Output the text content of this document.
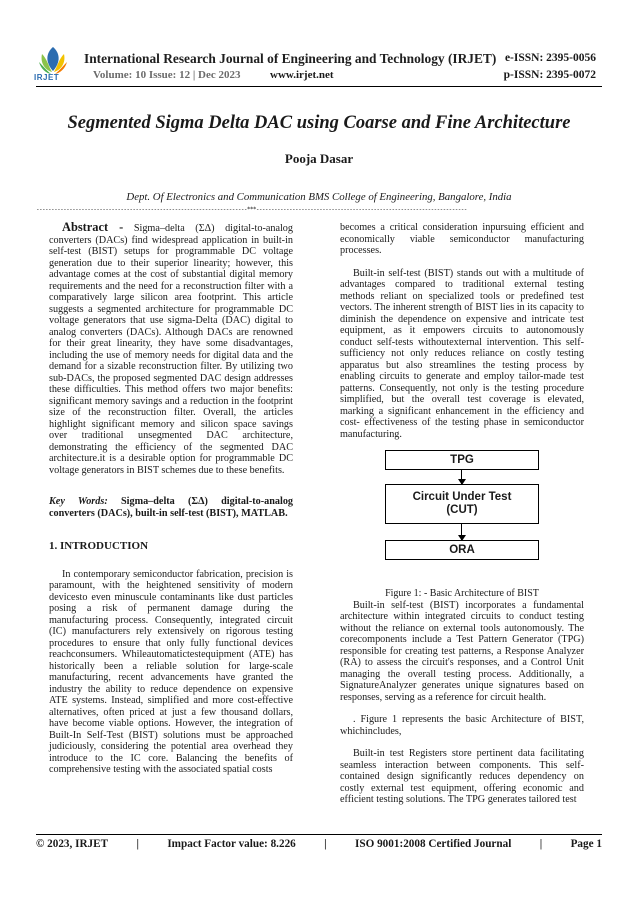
IRJET
International Research Journal of Engineering and Technology (IRJET) e-ISSN: 2395-0056
Volume: 10 Issue: 12 | Dec 2023	www.irjet.net	p-ISSN: 2395-0072
Segmented Sigma Delta DAC using Coarse and Fine Architecture
Pooja Dasar
Dept. Of Electronics and Communication BMS College of Engineering, Bangalore, India
----------------------------------------------------------------------***----------------------------------------------------------------------

Abstract - Sigma–delta (ΣΔ) digital-to-analog converters (DACs) find widespread application in built-in self-test (BIST) setups for programmable DC voltage generation due to their superior linearity; however, this advantage comes at the cost of substantial digital memory requirements and the need for a reconstruction filter with a comparatively large silicon area footprint. This article suggests a segmented architecture for programmable DC voltage generators that use sigma-Delta (DAC) digital to analog converters (DACs). Although DACs are renowned for their great linearity, they have some disadvantages, including the use of memory needs for digital data and the demand for a sizable reconstruction filter. By utilizing two sub-DACs, the proposed segmented DAC design addresses these difficulties. This method offers two major benefits: significant memory savings and a reduction in the footprint size of the reconstruction filter. Overall, the articles highlight significant memory and silicon space savings over traditional unsegmented DAC architecture, demonstrating the efficiency of the segmented DAC architecture.it is a desirable option for programmable DC voltage generators in BIST schemes due to these benefits.

Key Words: Sigma–delta (ΣΔ) digital-to-analog converters (DACs), built-in self-test (BIST), MATLAB.

1. INTRODUCTION

In contemporary semiconductor fabrication, precision is paramount, with the heightened sensitivity of modern devicesto even minuscule contaminants like dust particles posing a risk of permanent damage during the manufacturing process. Consequently, integrated circuit (IC) manufacturers rely extensively on rigorous testing procedures to ensure that only fully functional devices reachconsumers. Whileautomatictestequipment (ATE) has historically been a reliable solution for large-scale manufacturing, recent advancements have granted the industry the ability to reduce dependence on expensive ATE systems. Instead, simplified and more cost-effective alternatives, often priced at just a few thousand dollars, have become viable options. However, the integration of Built-In Self-Test (BIST) solutions must be approached judiciously, considering the potential area overhead they introduce to the IC core. Balancing the benefits of comprehensive testing with the associated spatial costs

becomes a critical consideration inpursuing efficient and economically viable semiconductor manufacturing processes.

Built-in self-test (BIST) stands out with a multitude of advantages compared to traditional external testing methods reliant on specialized tools or predefined test vectors. The inherent strength of BIST lies in its capacity to diminish the dependence on expensive and intricate test equipment, as it empowers circuits to autonomously conduct self-tests withoutexternal intervention. This self-sufficiency not only reduces reliance on costly testing apparatus but also streamlines the testing process by enabling circuits to generate and employ tailor-made test patterns. Consequently, not only is the testing procedure simplified, but the overall test coverage is elevated, marking a significant enhancement in the efficiency and cost- effectiveness of the testing phase in semiconductor manufacturing.

TPG
Circuit Under Test
(CUT)
ORA

Figure 1: - Basic Architecture of BIST

Built-in self-test (BIST) incorporates a fundamental architecture within integrated circuits to conduct testing without the reliance on external tools autonomously. The corecomponents include a Test Pattern Generator (TPG) responsible for creating test patterns, a Response Analyzer (RA) to assess the circuit's responses, and a Control Unit managing the overall testing process. Additionally, a SignatureAnalyzer generates unique signatures based on responses, serving as a reference for circuit health.

. Figure 1 represents the basic Architecture of BIST, whichincludes,

Built-in test Registers store pertinent data facilitating seamless interaction between components. This self-contained design significantly reduces dependency on costly external test equipment, offering economic and efficient testing solutions. The TPG generates tailored test

© 2023, IRJET	|	Impact Factor value: 8.226	|	ISO 9001:2008 Certified Journal	|	Page 1
